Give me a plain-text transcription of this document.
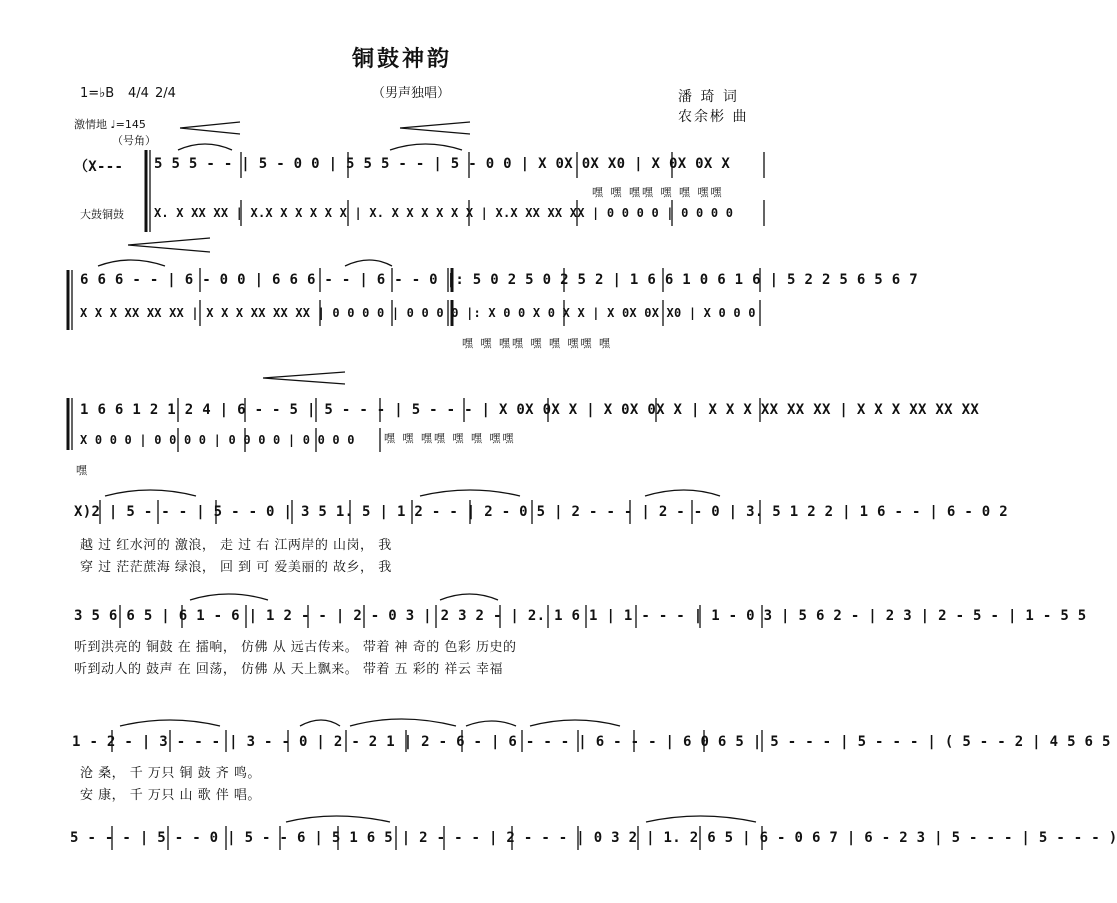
铜鼓神韵
（男声独唱）
1=♭B 4/4 2/4
激情地 ♩=145
（号角）
潘 琦 词
农余彬 曲
（X--- 5 5 5 - - | 5 - 0 0 | 5 5 5 - - | 5 - 0 0 | X 0X 0X X0 | X 0X 0X X
大鼓铜鼓	X. X XX XX | X.X X X X X X | X. X X X X X X | X.X XX XX XX | 0 0 0 0 | 0 0 0 0
嘿 嘿 嘿嘿 嘿 嘿 嘿嘿
6 6 6 - - | 6 - 0 0 | 6 6 6 - - | 6 - - 0 |: 5 0 2 5 0 2 5 2 | 1 6 6 1 0 6 1 6 | 5 2 2 5 6 5 6 7
X X X XX XX XX | X X X XX XX XX | 0 0 0 0 | 0 0 0 0 |: X 0 0 X 0 X X | X 0X 0X X0 | X 0 0 0
嘿 嘿 嘿嘿 嘿 嘿 嘿嘿 嘿
1 6 6 1 2 1 2 4 | 6 - - 5 | 5 - - - | 5 - - - | X 0X 0X X | X 0X 0X X | X X X XX XX XX | X X X XX XX XX
X 0 0 0 | 0 0 0 0 | 0 0 0 0 | 0 0 0 0	嘿 嘿 嘿嘿 嘿 嘿 嘿嘿
嘿
X)2 | 5 - - - | 5 - - 0 | 3 5 1. 5 | 1 2 - - | 2 - 0 5 | 2 - - - | 2 - - 0 | 3. 5 1 2 2 | 1 6 - - | 6 - 0 2
越 过 红水河的 激浪， 走 过 右 江两岸的 山岗， 我
穿 过 茫茫蔗海 绿浪， 回 到 可 爱美丽的 故乡， 我
3 5 6 6 5 | 6 1 - 6 | 1 2 - - | 2 - 0 3 | 2 3 2 - | 2. 1 6 1 | 1 - - - | 1 - 0 3 | 5 6 2 - | 2 3 | 2 - 5 - | 1 - 5 5
听到洪亮的 铜鼓 在 擂响， 仿佛 从 远古传来。 带着 神 奇的 色彩 历史的
听到动人的 鼓声 在 回荡， 仿佛 从 天上飘来。 带着 五 彩的 祥云 幸福
1 - 2 - | 3 - - - | 3 - - 0 | 2 - 2 1 | 2 - 6 - | 6 - - - | 6 - - - | 6 0 6 5 | 5 - - - | 5 - - - | ( 5 - - 2 | 4 5 6 5
沧 桑， 千 万只 铜 鼓 齐 鸣。
安 康， 千 万只 山 歌 伴 唱。
5 - - - | 5 - - 0 | 5 - - 6 | 5 1 6 5 | 2 - - - | 2 - - - | 0 3 2 | 1. 2 6 5 | 6 - 0 6 7 | 6 - 2 3 | 5 - - - | 5 - - - )
